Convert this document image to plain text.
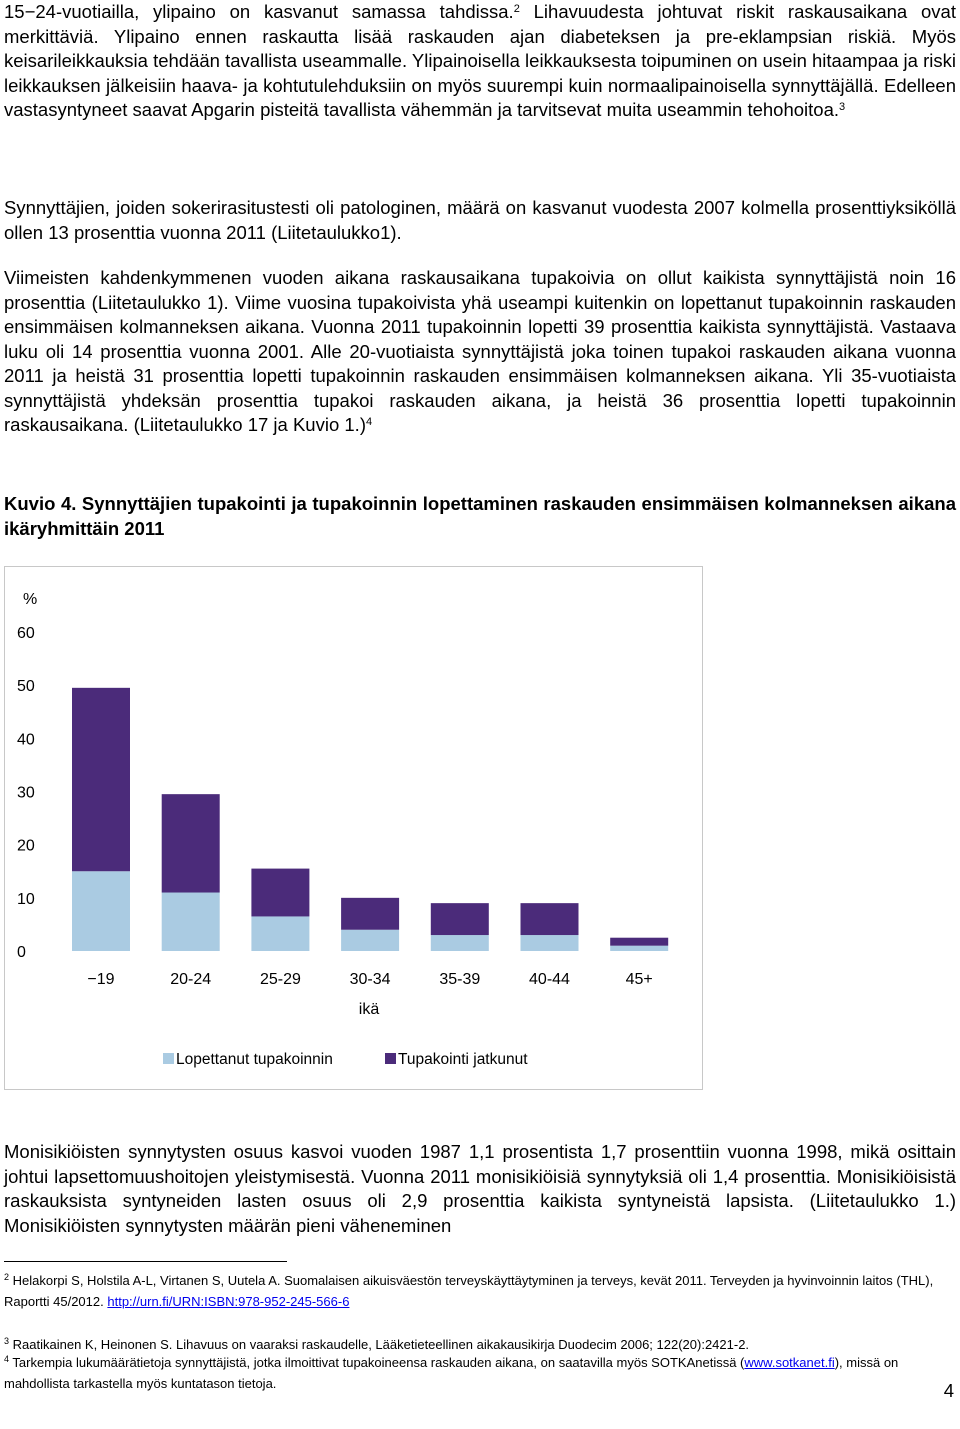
15−24-vuotiailla, ylipaino on kasvanut samassa tahdissa.$^2$ Lihavuudesta johtuvat riskit raskausaikana ovat merkittäviä. Ylipaino ennen raskautta lisää raskauden ajan diabeteksen ja pre-eklampsian riskiä. Myös keisarileikkauksia tehdään tavallista useammalle. Ylipainoisella leikkauksesta toipuminen on usein hitaampaa ja riski leikkauksen jälkeisiin haava- ja kohtutulehduksiin on myös suurempi kuin normaalipainoisella synnyttäjällä. Edelleen vastasyntyneet saavat Apgarin pisteitä tavallista vähemmän ja tarvitsevat muita useammin tehohoitoa.$^3$

Synnyttäjien, joiden sokerirasitustesti oli patologinen, määrä on kasvanut vuodesta 2007 kolmella prosenttiyksiköllä ollen 13 prosenttia vuonna 2011 (Liitetaulukko1).

Viimeisten kahdenkymmenen vuoden aikana raskausaikana tupakoivia on ollut kaikista synnyttäjistä noin 16 prosenttia (Liitetaulukko 1). Viime vuosina tupakoivista yhä useampi kuitenkin on lopettanut tupakoinnin raskauden ensimmäisen kolmanneksen aikana. Vuonna 2011 tupakoinnin lopetti 39 prosenttia kaikista synnyttäjistä. Vastaava luku oli 14 prosenttia vuonna 2001. Alle 20-vuotiaista synnyttäjistä joka toinen tupakoi raskauden aikana vuonna 2011 ja heistä 31 prosenttia lopetti tupakoinnin raskauden ensimmäisen kolmanneksen aikana. Yli 35-vuotiaista synnyttäjistä yhdeksän prosenttia tupakoi raskauden aikana, ja heistä 36 prosenttia lopetti tupakoinnin raskausaikana. (Liitetaulukko 17 ja Kuvio 1.)$^4$

Kuvio 4. Synnyttäjien tupakointi ja tupakoinnin lopettaminen raskauden ensimmäisen kolmanneksen aikana ikäryhmittäin 2011

%
0
10
20
30
40
50
60
−19	20-24	25-29	30-34	35-39	40-44	45+
ikä
Lopettanut tupakoinnin	Tupakointi jatkunut

Monisikiöisten synnytysten osuus kasvoi vuoden 1987 1,1 prosentista 1,7 prosenttiin vuonna 1998, mikä osittain johtui lapsettomuushoitojen yleistymisestä. Vuonna 2011 monisikiöisiä synnytyksiä oli 1,4 prosenttia. Monisikiöisistä raskauksista syntyneiden lasten osuus oli 2,9 prosenttia kaikista syntyneistä lapsista. (Liitetaulukko 1.) Monisikiöisten synnytysten määrän pieni väheneminen

$^2$ Helakorpi S, Holstila A-L, Virtanen S, Uutela A. Suomalaisen aikuisväestön terveyskäyttäytyminen ja terveys, kevät 2011. Terveyden ja hyvinvoinnin laitos (THL), Raportti 45/2012. http://urn.fi/URN:ISBN:978-952-245-566-6

$^3$ Raatikainen K, Heinonen S. Lihavuus on vaaraksi raskaudelle, Lääketieteellinen aikakausikirja Duodecim 2006; 122(20):2421-2.

$^4$ Tarkempia lukumäärätietoja synnyttäjistä, jotka ilmoittivat tupakoineensa raskauden aikana, on saatavilla myös SOTKAnetissä (www.sotkanet.fi), missä on mahdollista tarkastella myös kuntatason tietoja.	4
